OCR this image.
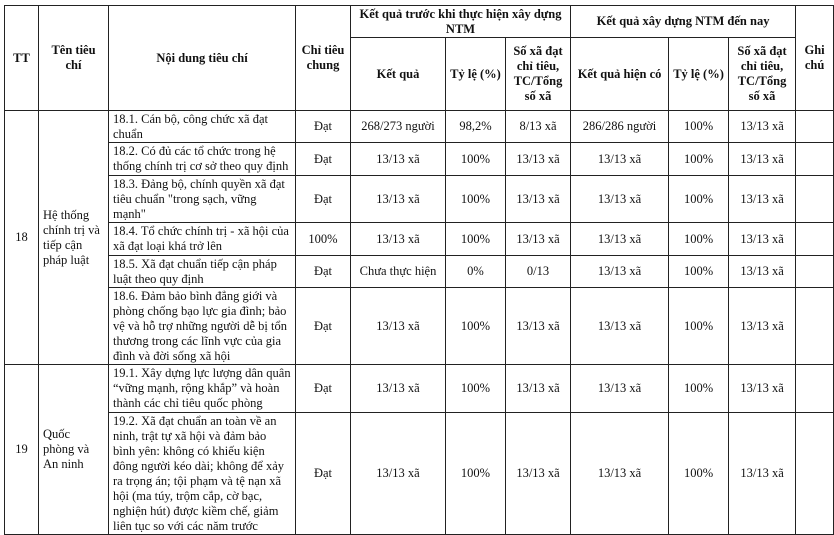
TT	Tên tiêu chí	Nội dung tiêu chí	Chỉ tiêu chung	Kết quả trước khi thực hiện xây dựng NTM			Kết quả xây dựng NTM đến nay			Ghi chú
				Kết quả	Tỷ lệ (%)	Số xã đạt chỉ tiêu, TC/Tổng số xã	Kết quả hiện có	Tỷ lệ (%)	Số xã đạt chỉ tiêu, TC/Tổng số xã	
18	Hệ thống chính trị và tiếp cận pháp luật	18.1. Cán bộ, công chức xã đạt chuẩn	Đạt	268/273 người	98,2%	8/13 xã	286/286 người	100%	13/13 xã	
		18.2. Có đủ các tổ chức trong hệ thống chính trị cơ sở theo quy định	Đạt	13/13 xã	100%	13/13 xã	13/13 xã	100%	13/13 xã	
		18.3. Đảng bộ, chính quyền xã đạt tiêu chuẩn "trong sạch, vững mạnh"	Đạt	13/13 xã	100%	13/13 xã	13/13 xã	100%	13/13 xã	
		18.4. Tổ chức chính trị - xã hội của xã đạt loại khá trở lên	100%	13/13 xã	100%	13/13 xã	13/13 xã	100%	13/13 xã	
		18.5. Xã đạt chuẩn tiếp cận pháp luật theo quy định	Đạt	Chưa thực hiện	0%	0/13	13/13 xã	100%	13/13 xã	
		18.6. Đảm bảo bình đẳng giới và phòng chống bạo lực gia đình; bảo vệ và hỗ trợ những người dễ bị tổn thương trong các lĩnh vực của gia đình và đời sống xã hội	Đạt	13/13 xã	100%	13/13 xã	13/13 xã	100%	13/13 xã	
19	Quốc phòng và An ninh	19.1. Xây dựng lực lượng dân quân “vững mạnh, rộng khắp” và hoàn thành các chỉ tiêu quốc phòng	Đạt	13/13 xã	100%	13/13 xã	13/13 xã	100%	13/13 xã	
		19.2. Xã đạt chuẩn an toàn về an ninh, trật tự xã hội và đảm bảo bình yên: không có khiếu kiện đông người kéo dài; không để xảy ra trọng án; tội phạm và tệ nạn xã hội (ma túy, trộm cắp, cờ bạc, nghiện hút) được kiềm chế, giảm liên tục so với các năm trước	Đạt	13/13 xã	100%	13/13 xã	13/13 xã	100%	13/13 xã	
